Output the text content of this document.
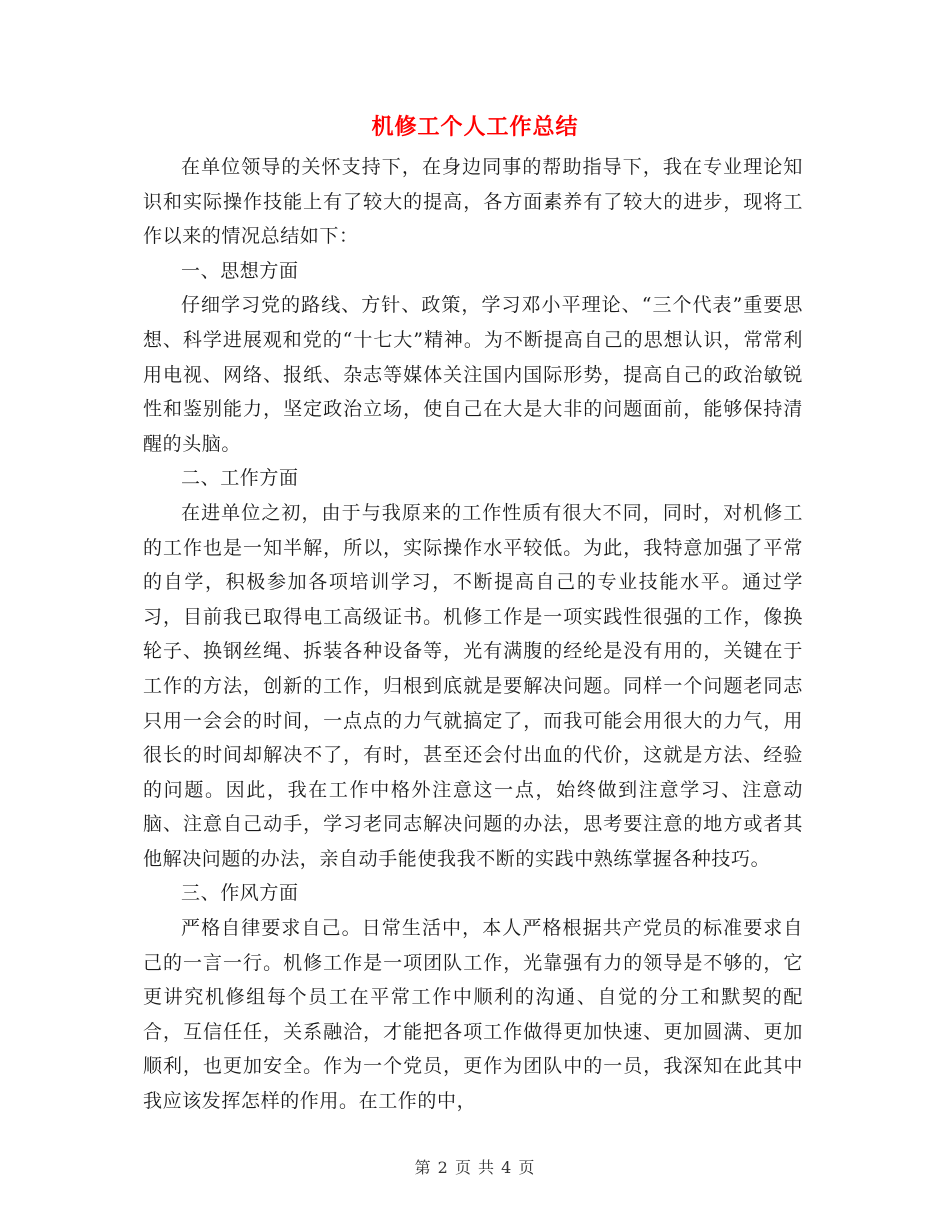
机修工个人工作总结

在单位领导的关怀支持下，在身边同事的帮助指导下，我在专业理论知识和实际操作技能上有了较大的提高，各方面素养有了较大的进步，现将工作以来的情况总结如下：

一、思想方面

仔细学习党的路线、方针、政策，学习邓小平理论、“三个代表”重要思想、科学进展观和党的“十七大”精神。为不断提高自己的思想认识，常常利用电视、网络、报纸、杂志等媒体关注国内国际形势，提高自己的政治敏锐性和鉴别能力，坚定政治立场，使自己在大是大非的问题面前，能够保持清醒的头脑。

二、工作方面

在进单位之初，由于与我原来的工作性质有很大不同，同时，对机修工的工作也是一知半解，所以，实际操作水平较低。为此，我特意加强了平常的自学，积极参加各项培训学习，不断提高自己的专业技能水平。通过学习，目前我已取得电工高级证书。机修工作是一项实践性很强的工作，像换轮子、换钢丝绳、拆装各种设备等，光有满腹的经纶是没有用的，关键在于工作的方法，创新的工作，归根到底就是要解决问题。同样一个问题老同志只用一会会的时间，一点点的力气就搞定了，而我可能会用很大的力气，用很长的时间却解决不了，有时，甚至还会付出血的代价，这就是方法、经验的问题。因此，我在工作中格外注意这一点，始终做到注意学习、注意动脑、注意自己动手，学习老同志解决问题的办法，思考要注意的地方或者其他解决问题的办法，亲自动手能使我我不断的实践中熟练掌握各种技巧。

三、作风方面

严格自律要求自己。日常生活中，本人严格根据共产党员的标准要求自己的一言一行。机修工作是一项团队工作，光靠强有力的领导是不够的，它更讲究机修组每个员工在平常工作中顺利的沟通、自觉的分工和默契的配合，互信任任，关系融洽，才能把各项工作做得更加快速、更加圆满、更加顺利，也更加安全。作为一个党员，更作为团队中的一员，我深知在此其中我应该发挥怎样的作用。在工作的中，

第 2 页 共 4 页
